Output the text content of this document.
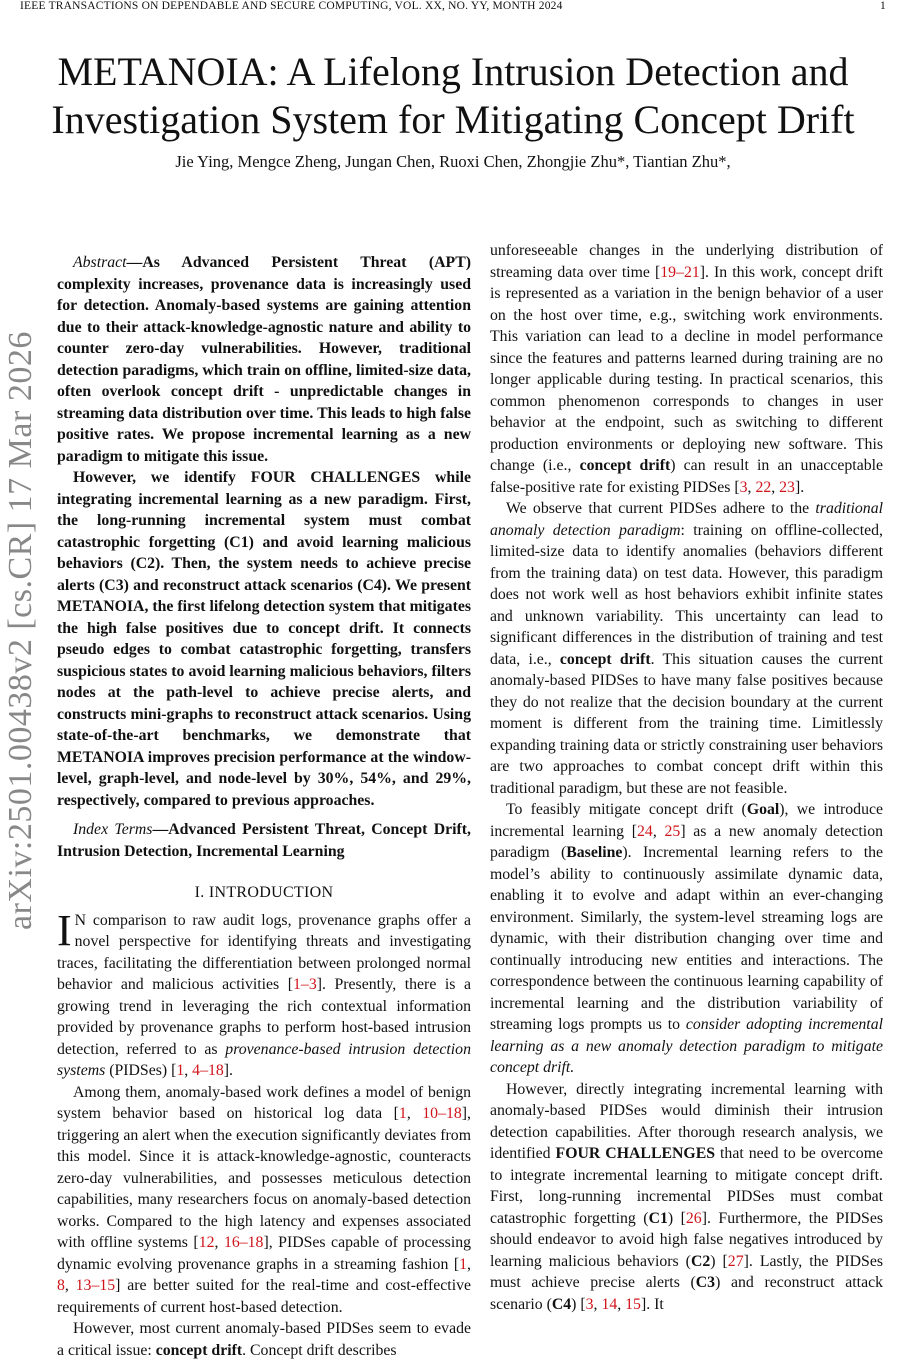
IEEE TRANSACTIONS ON DEPENDABLE AND SECURE COMPUTING, VOL. XX, NO. YY, MONTH 2024	1
METANOIA: A Lifelong Intrusion Detection and Investigation System for Mitigating Concept Drift
Jie Ying, Mengce Zheng, Jungan Chen, Ruoxi Chen, Zhongjie Zhu*, Tiantian Zhu*,
arXiv:2501.00438v2 [cs.CR] 17 Mar 2026

Abstract—As Advanced Persistent Threat (APT) complexity increases, provenance data is increasingly used for detection. Anomaly-based systems are gaining attention due to their attack-knowledge-agnostic nature and ability to counter zero-day vulnerabilities. However, traditional detection paradigms, which train on offline, limited-size data, often overlook concept drift - unpredictable changes in streaming data distribution over time. This leads to high false positive rates. We propose incremental learning as a new paradigm to mitigate this issue.

However, we identify FOUR CHALLENGES while integrating incremental learning as a new paradigm. First, the long-running incremental system must combat catastrophic forgetting (C1) and avoid learning malicious behaviors (C2). Then, the system needs to achieve precise alerts (C3) and reconstruct attack scenarios (C4). We present METANOIA, the first lifelong detection system that mitigates the high false positives due to concept drift. It connects pseudo edges to combat catastrophic forgetting, transfers suspicious states to avoid learning malicious behaviors, filters nodes at the path-level to achieve precise alerts, and constructs mini-graphs to reconstruct attack scenarios. Using state-of-the-art benchmarks, we demonstrate that METANOIA improves precision performance at the window-level, graph-level, and node-level by 30%, 54%, and 29%, respectively, compared to previous approaches.

Index Terms—Advanced Persistent Threat, Concept Drift, Intrusion Detection, Incremental Learning

I. INTRODUCTION

I N comparison to raw audit logs, provenance graphs offer a novel perspective for identifying threats and investigating traces, facilitating the differentiation between prolonged normal behavior and malicious activities [1–3]. Presently, there is a growing trend in leveraging the rich contextual information provided by provenance graphs to perform host-based intrusion detection, referred to as provenance-based intrusion detection systems (PIDSes) [1, 4–18].

Among them, anomaly-based work defines a model of benign system behavior based on historical log data [1, 10–18], triggering an alert when the execution significantly deviates from this model. Since it is attack-knowledge-agnostic, counteracts zero-day vulnerabilities, and possesses meticulous detection capabilities, many researchers focus on anomaly-based detection works. Compared to the high latency and expenses associated with offline systems [12, 16–18], PIDSes capable of processing dynamic evolving provenance graphs in a streaming fashion [1, 8, 13–15] are better suited for the real-time and cost-effective requirements of current host-based detection.

However, most current anomaly-based PIDSes seem to evade a critical issue: concept drift. Concept drift describes

unforeseeable changes in the underlying distribution of streaming data over time [19–21]. In this work, concept drift is represented as a variation in the benign behavior of a user on the host over time, e.g., switching work environments. This variation can lead to a decline in model performance since the features and patterns learned during training are no longer applicable during testing. In practical scenarios, this common phenomenon corresponds to changes in user behavior at the endpoint, such as switching to different production environments or deploying new software. This change (i.e., concept drift) can result in an unacceptable false-positive rate for existing PIDSes [3, 22, 23].

We observe that current PIDSes adhere to the traditional anomaly detection paradigm: training on offline-collected, limited-size data to identify anomalies (behaviors different from the training data) on test data. However, this paradigm does not work well as host behaviors exhibit infinite states and unknown variability. This uncertainty can lead to significant differences in the distribution of training and test data, i.e., concept drift. This situation causes the current anomaly-based PIDSes to have many false positives because they do not realize that the decision boundary at the current moment is different from the training time. Limitlessly expanding training data or strictly constraining user behaviors are two approaches to combat concept drift within this traditional paradigm, but these are not feasible.

To feasibly mitigate concept drift (Goal), we introduce incremental learning [24, 25] as a new anomaly detection paradigm (Baseline). Incremental learning refers to the model’s ability to continuously assimilate dynamic data, enabling it to evolve and adapt within an ever-changing environment. Similarly, the system-level streaming logs are dynamic, with their distribution changing over time and continually introducing new entities and interactions. The correspondence between the continuous learning capability of incremental learning and the distribution variability of streaming logs prompts us to consider adopting incremental learning as a new anomaly detection paradigm to mitigate concept drift.

However, directly integrating incremental learning with anomaly-based PIDSes would diminish their intrusion detection capabilities. After thorough research analysis, we identified FOUR CHALLENGES that need to be overcome to integrate incremental learning to mitigate concept drift. First, long-running incremental PIDSes must combat catastrophic forgetting (C1) [26]. Furthermore, the PIDSes should endeavor to avoid high false negatives introduced by learning malicious behaviors (C2) [27]. Lastly, the PIDSes must achieve precise alerts (C3) and reconstruct attack scenario (C4) [3, 14, 15]. It
